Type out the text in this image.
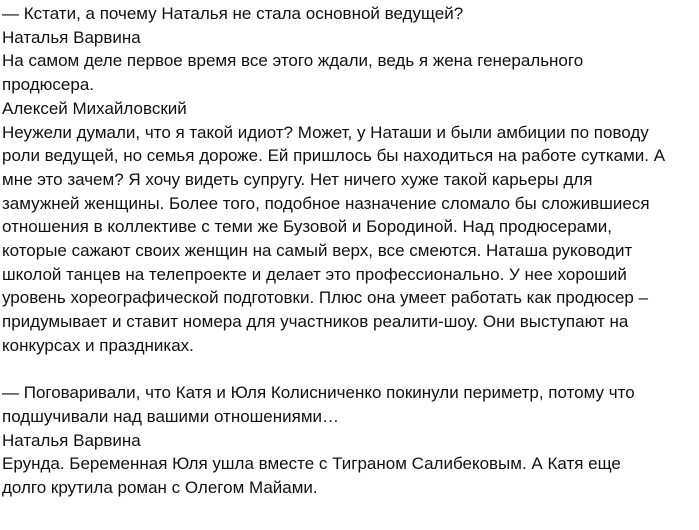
— Кстати, а почему Наталья не стала основной ведущей?
Наталья Варвина
На самом деле первое время все этого ждали, ведь я жена генерального
продюсера.
Алексей Михайловский
Неужели думали, что я такой идиот? Может, у Наташи и были амбиции по поводу
роли ведущей, но семья дороже. Ей пришлось бы находиться на работе сутками. А
мне это зачем? Я хочу видеть супругу. Нет ничего хуже такой карьеры для
замужней женщины. Более того, подобное назначение сломало бы сложившиеся
отношения в коллективе с теми же Бузовой и Бородиной. Над продюсерами,
которые сажают своих женщин на самый верх, все смеются. Наташа руководит
школой танцев на телепроекте и делает это профессионально. У нее хороший
уровень хореографической подготовки. Плюс она умеет работать как продюсер –
придумывает и ставит номера для участников реалити-шоу. Они выступают на
конкурсах и праздниках.
— Поговаривали, что Катя и Юля Колисниченко покинули периметр, потому что
подшучивали над вашими отношениями…
Наталья Варвина
Ерунда. Беременная Юля ушла вместе с Тиграном Салибековым. А Катя еще
долго крутила роман с Олегом Майами.
